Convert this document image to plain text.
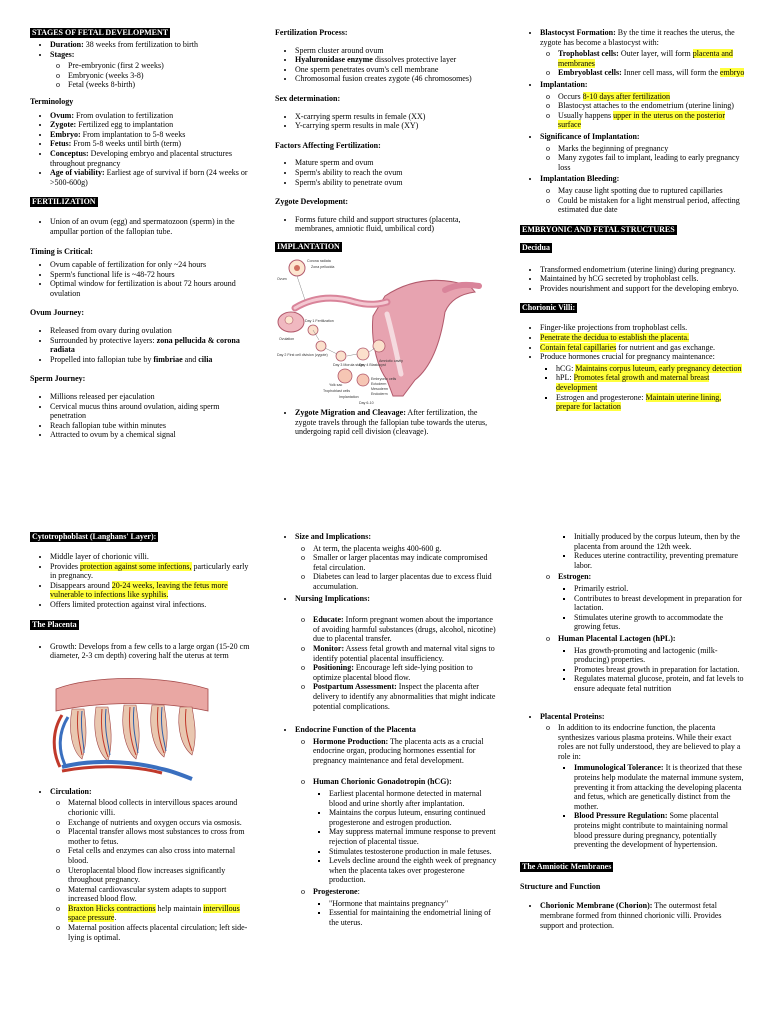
STAGES OF FETAL DEVELOPMENT
• Duration: 38 weeks from fertilization to birth
• Stages:
o Pre-embryonic (first 2 weeks)
o Embryonic (weeks 3-8)
o Fetal (weeks 8-birth)
Terminology
• Ovum: From ovulation to fertilization
• Zygote: Fertilized egg to implantation
• Embryo: From implantation to 5-8 weeks
• Fetus: From 5-8 weeks until birth (term)
• Conceptus: Developing embryo and placental structures throughout pregnancy
• Age of viability: Earliest age of survival if born (24 weeks or >500-600g)
FERTILIZATION
• Union of an ovum (egg) and spermatozoon (sperm) in the ampullar portion of the fallopian tube.
Timing is Critical:
• Ovum capable of fertilization for only ~24 hours
• Sperm's functional life is ~48-72 hours
• Optimal window for fertilization is about 72 hours around ovulation
Ovum Journey:
• Released from ovary during ovulation
• Surrounded by protective layers: zona pellucida & corona radiata
• Propelled into fallopian tube by fimbriae and cilia
Sperm Journey:
• Millions released per ejaculation
• Cervical mucus thins around ovulation, aiding sperm penetration
• Reach fallopian tube within minutes
• Attracted to ovum by a chemical signal
Fertilization Process:
• Sperm cluster around ovum
• Hyaluronidase enzyme dissolves protective layer
• One sperm penetrates ovum's cell membrane
• Chromosomal fusion creates zygote (46 chromosomes)
Sex determination:
• X-carrying sperm results in female (XX)
• Y-carrying sperm results in male (XY)
Factors Affecting Fertilization:
• Mature sperm and ovum
• Sperm's ability to reach the ovum
• Sperm's ability to penetrate ovum
Zygote Development:
• Forms future child and support structures (placenta, membranes, amniotic fluid, umbilical cord)
IMPLANTATION
Corona radiata
Zona pellucida
Ovum
Ovulation
Day 1 Fertilization
Day 2 First cell division (zygote)
Day 3 Morula stage
Day 4 Blastocyst
Amniotic cavity
Yolk sac
Trophoblast cells
Implantation
Embryonic cells
Ectoderm
Mesoderm
Endoderm
Day 6-10
• Zygote Migration and Cleavage: After fertilization, the zygote travels through the fallopian tube towards the uterus, undergoing rapid cell division (cleavage).
• Blastocyst Formation: By the time it reaches the uterus, the zygote has become a blastocyst with:
o Trophoblast cells: Outer layer, will form placenta and membranes
o Embryoblast cells: Inner cell mass, will form the embryo
• Implantation:
o Occurs 8-10 days after fertilization
o Blastocyst attaches to the endometrium (uterine lining)
o Usually happens upper in the uterus on the posterior surface
• Significance of Implantation:
o Marks the beginning of pregnancy
o Many zygotes fail to implant, leading to early pregnancy loss
• Implantation Bleeding:
o May cause light spotting due to ruptured capillaries
o Could be mistaken for a light menstrual period, affecting estimated due date
EMBRYONIC AND FETAL STRUCTURES
Decidua
• Transformed endometrium (uterine lining) during pregnancy.
• Maintained by hCG secreted by trophoblast cells.
• Provides nourishment and support for the developing embryo.
Chorionic Villi:
• Finger-like projections from trophoblast cells.
• Penetrate the decidua to establish the placenta.
• Contain fetal capillaries for nutrient and gas exchange.
• Produce hormones crucial for pregnancy maintenance:
▪ hCG: Maintains corpus luteum, early pregnancy detection
▪ hPL: Promotes fetal growth and maternal breast development
▪ Estrogen and progesterone: Maintain uterine lining, prepare for lactation
Cytotrophoblast (Langhans' Layer):
• Middle layer of chorionic villi.
• Provides protection against some infections, particularly early in pregnancy.
• Disappears around 20-24 weeks, leaving the fetus more vulnerable to infections like syphilis.
• Offers limited protection against viral infections.
The Placenta
• Growth: Develops from a few cells to a large organ (15-20 cm diameter, 2-3 cm depth) covering half the uterus at term
• Circulation:
o Maternal blood collects in intervillous spaces around chorionic villi.
o Exchange of nutrients and oxygen occurs via osmosis.
o Placental transfer allows most substances to cross from mother to fetus.
o Fetal cells and enzymes can also cross into maternal blood.
o Uteroplacental blood flow increases significantly throughout pregnancy.
o Maternal cardiovascular system adapts to support increased blood flow.
o Braxton Hicks contractions help maintain intervillous space pressure.
o Maternal position affects placental circulation; left side-lying is optimal.
• Size and Implications:
o At term, the placenta weighs 400-600 g.
o Smaller or larger placentas may indicate compromised fetal circulation.
o Diabetes can lead to larger placentas due to excess fluid accumulation.
• Nursing Implications:
o Educate: Inform pregnant women about the importance of avoiding harmful substances (drugs, alcohol, nicotine) due to placental transfer.
o Monitor: Assess fetal growth and maternal vital signs to identify potential placental insufficiency.
o Positioning: Encourage left side-lying position to optimize placental blood flow.
o Postpartum Assessment: Inspect the placenta after delivery to identify any abnormalities that might indicate potential complications.
• Endocrine Function of the Placenta
o Hormone Production: The placenta acts as a crucial endocrine organ, producing hormones essential for pregnancy maintenance and fetal development.
o Human Chorionic Gonadotropin (hCG):
▪ Earliest placental hormone detected in maternal blood and urine shortly after implantation.
▪ Maintains the corpus luteum, ensuring continued progesterone and estrogen production.
▪ May suppress maternal immune response to prevent rejection of placental tissue.
▪ Stimulates testosterone production in male fetuses.
▪ Levels decline around the eighth week of pregnancy when the placenta takes over progesterone production.
o Progesterone:
▪ "Hormone that maintains pregnancy"
▪ Essential for maintaining the endometrial lining of the uterus.
▪ Initially produced by the corpus luteum, then by the placenta from around the 12th week.
▪ Reduces uterine contractility, preventing premature labor.
o Estrogen:
▪ Primarily estriol.
▪ Contributes to breast development in preparation for lactation.
▪ Stimulates uterine growth to accommodate the growing fetus.
o Human Placental Lactogen (hPL):
▪ Has growth-promoting and lactogenic (milk-producing) properties.
▪ Promotes breast growth in preparation for lactation.
▪ Regulates maternal glucose, protein, and fat levels to ensure adequate fetal nutrition
• Placental Proteins:
o In addition to its endocrine function, the placenta synthesizes various plasma proteins. While their exact roles are not fully understood, they are believed to play a role in:
▪ Immunological Tolerance: It is theorized that these proteins help modulate the maternal immune system, preventing it from attacking the developing placenta and fetus, which are genetically distinct from the mother.
▪ Blood Pressure Regulation: Some placental proteins might contribute to maintaining normal blood pressure during pregnancy, potentially preventing the development of hypertension.
The Amniotic Membranes
Structure and Function
• Chorionic Membrane (Chorion): The outermost fetal membrane formed from thinned chorionic villi. Provides support and protection.
